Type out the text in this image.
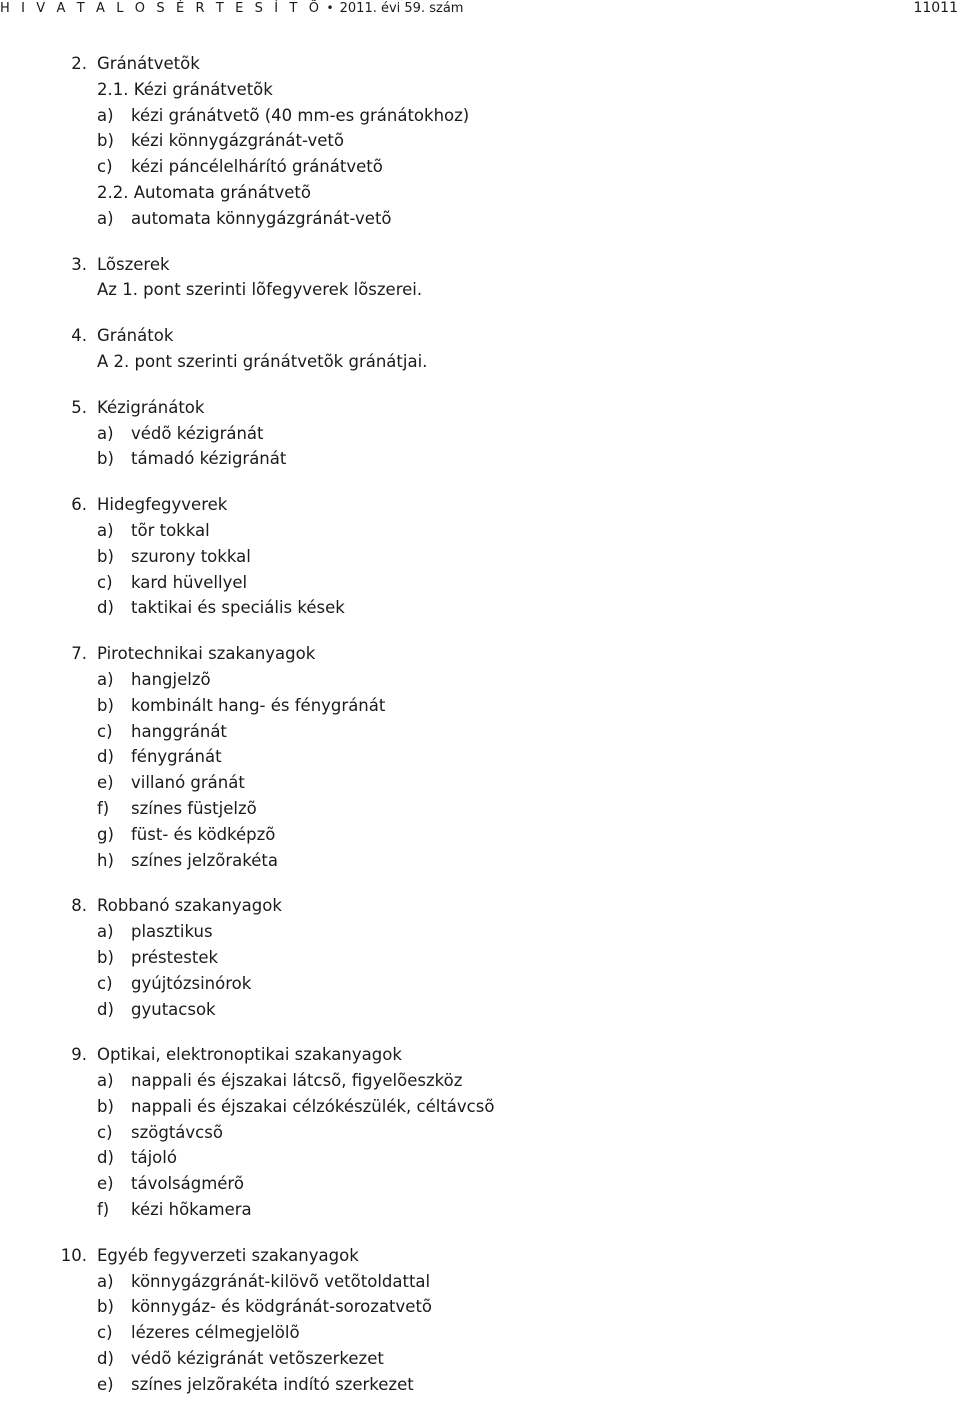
H I V A T A L O S É R T E S Í T Õ • 2011. évi 59. szám	11011
2. Gránátvetõk
2.1. Kézi gránátvetõk
a) kézi gránátvetõ (40 mm-es gránátokhoz)
b) kézi könnygázgránát-vetõ
c) kézi páncélelhárító gránátvetõ
2.2. Automata gránátvetõ
a) automata könnygázgránát-vetõ
3. Lõszerek
Az 1. pont szerinti lõfegyverek lõszerei.
4. Gránátok
A 2. pont szerinti gránátvetõk gránátjai.
5. Kézigránátok
a) védõ kézigránát
b) támadó kézigránát
6. Hidegfegyverek
a) tõr tokkal
b) szurony tokkal
c) kard hüvellyel
d) taktikai és speciális kések
7. Pirotechnikai szakanyagok
a) hangjelzõ
b) kombinált hang- és fénygránát
c) hanggránát
d) fénygránát
e) villanó gránát
f) színes füstjelzõ
g) füst- és ködképzõ
h) színes jelzõrakéta
8. Robbanó szakanyagok
a) plasztikus
b) préstestek
c) gyújtózsinórok
d) gyutacsok
9. Optikai, elektronoptikai szakanyagok
a) nappali és éjszakai látcsõ, figyelõeszköz
b) nappali és éjszakai célzókészülék, céltávcsõ
c) szögtávcsõ
d) tájoló
e) távolságmérõ
f) kézi hõkamera
10. Egyéb fegyverzeti szakanyagok
a) könnygázgránát-kilövõ vetõtoldattal
b) könnygáz- és ködgránát-sorozatvetõ
c) lézeres célmegjelölõ
d) védõ kézigránát vetõszerkezet
e) színes jelzõrakéta indító szerkezet
